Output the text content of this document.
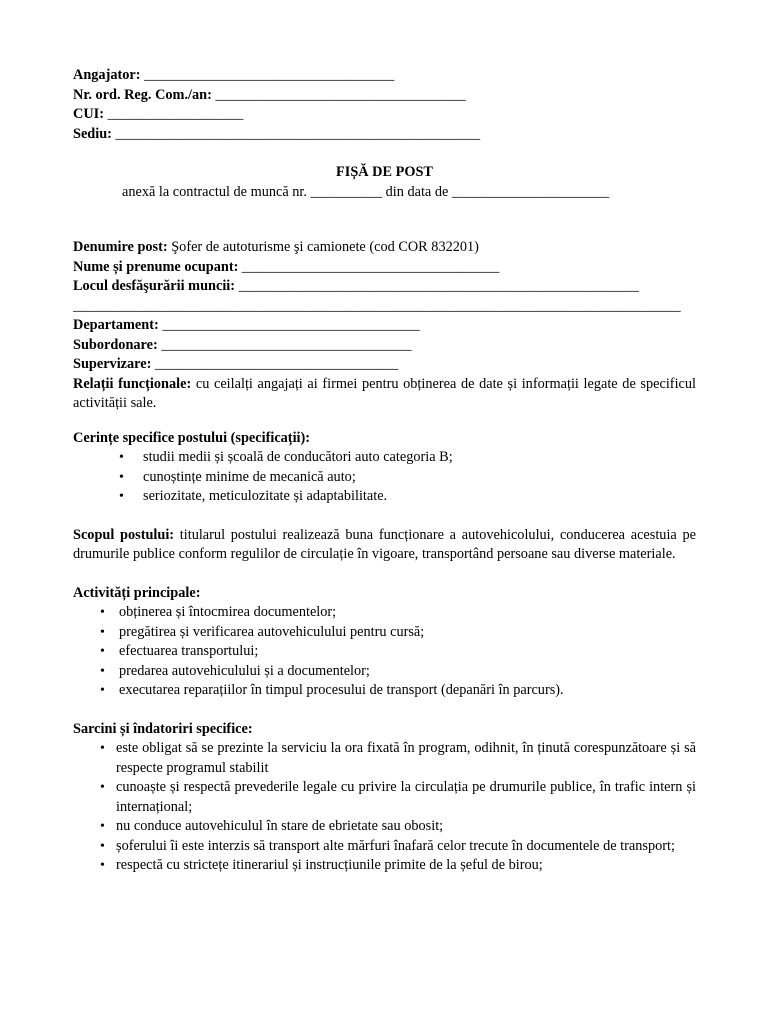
Angajator: ___________________________________

Nr. ord. Reg. Com./an: ___________________________________

CUI: ___________________

Sediu: ___________________________________________________

FIȘĂ DE POST

anexă la contractul de muncă nr. __________ din data de ______________________

Denumire post: Şofer de autoturisme şi camionete (cod COR 832201)

Nume și prenume ocupant: ____________________________________

Locul desfăşurării muncii: ________________________________________________________

_____________________________________________________________________________________

Departament: ____________________________________

Subordonare: ___________________________________

Supervizare: __________________________________

Relații funcționale: cu ceilalți angajați ai firmei pentru obținerea de date și informații legate de specificul activității sale.

Cerințe specifice postului (specificații):

• studii medii și școală de conducători auto categoria B;
• cunoștințe minime de mecanică auto;
• seriozitate, meticulozitate și adaptabilitate.

Scopul postului: titularul postului realizează buna funcționare a autovehicolului, conducerea acestuia pe drumurile publice conform regulilor de circulație în vigoare, transportând persoane sau diverse materiale.

Activități principale:

• obținerea și întocmirea documentelor;
• pregătirea și verificarea autovehiculului pentru cursă;
• efectuarea transportului;
• predarea autovehiculului și a documentelor;
• executarea reparațiilor în timpul procesului de transport (depanări în parcurs).

Sarcini și îndatoriri specifice:

• este obligat să se prezinte la serviciu la ora fixată în program, odihnit, în ținută corespunzătoare și să respecte programul stabilit
• cunoaște și respectă prevederile legale cu privire la circulația pe drumurile publice, în trafic intern și internațional;
• nu conduce autovehiculul în stare de ebrietate sau obosit;
• șoferului îi este interzis să transport alte mărfuri înafară celor trecute în documentele de transport;
• respectă cu strictețe itinerariul și instrucțiunile primite de la șeful de birou;
